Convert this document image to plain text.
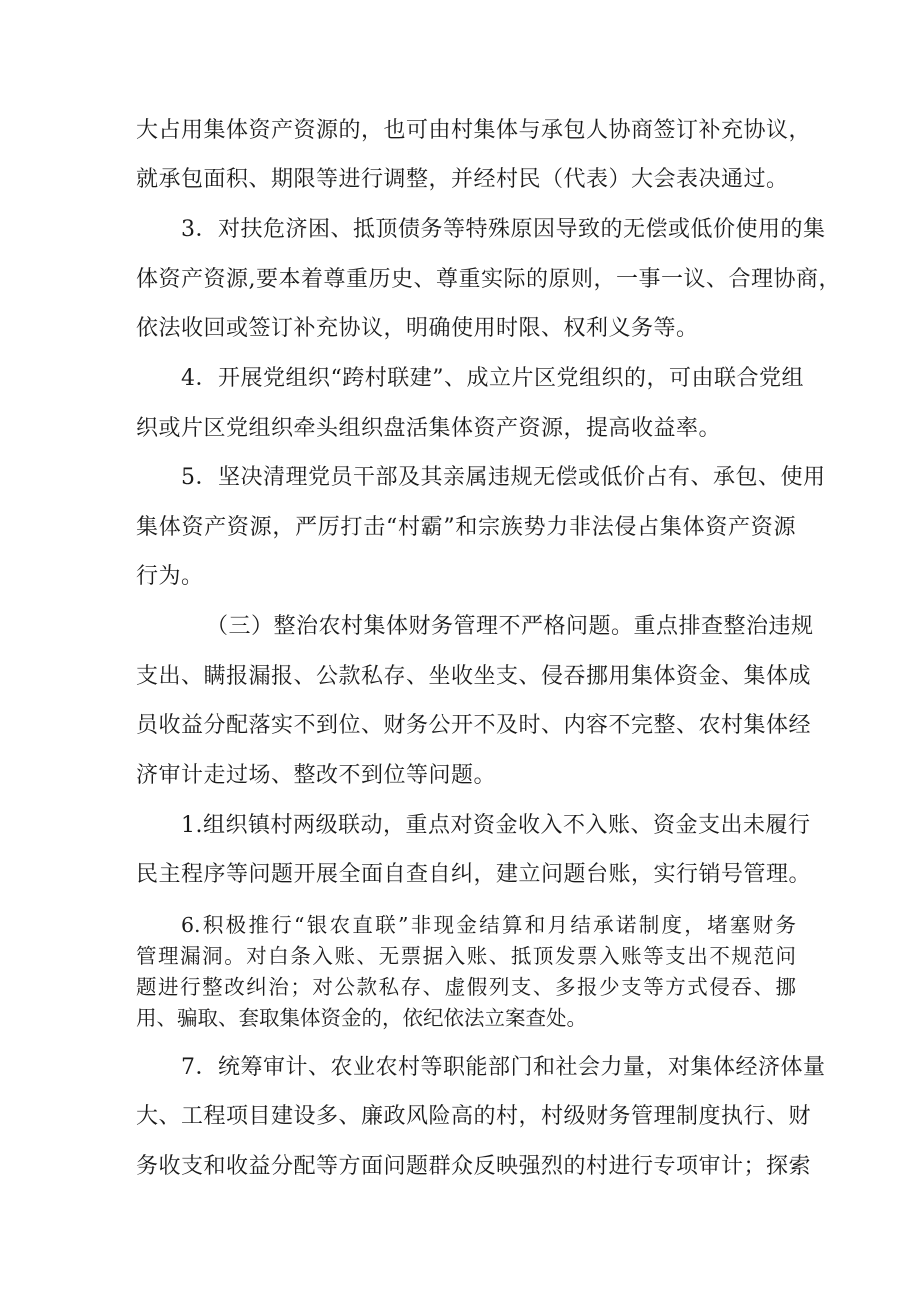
大占用集体资产资源的，也可由村集体与承包人协商签订补充协议，
就承包面积、期限等进行调整，并经村民（代表）大会表决通过。
3．对扶危济困、抵顶债务等特殊原因导致的无偿或低价使用的集
体资产资源,要本着尊重历史、尊重实际的原则，一事一议、合理协商，
依法收回或签订补充协议，明确使用时限、权利义务等。
4．开展党组织“跨村联建”、成立片区党组织的，可由联合党组
织或片区党组织牵头组织盘活集体资产资源，提高收益率。
5．坚决清理党员干部及其亲属违规无偿或低价占有、承包、使用
集体资产资源，严厉打击“村霸”和宗族势力非法侵占集体资产资源
行为。
（三）整治农村集体财务管理不严格问题。重点排查整治违规
支出、瞒报漏报、公款私存、坐收坐支、侵吞挪用集体资金、集体成
员收益分配落实不到位、财务公开不及时、内容不完整、农村集体经
济审计走过场、整改不到位等问题。
1.组织镇村两级联动，重点对资金收入不入账、资金支出未履行
民主程序等问题开展全面自查自纠，建立问题台账，实行销号管理。
6.积极推行“银农直联”非现金结算和月结承诺制度，堵塞财务
管理漏洞。对白条入账、无票据入账、抵顶发票入账等支出不规范问
题进行整改纠治；对公款私存、虚假列支、多报少支等方式侵吞、挪
用、骗取、套取集体资金的，依纪依法立案查处。
7．统筹审计、农业农村等职能部门和社会力量，对集体经济体量
大、工程项目建设多、廉政风险高的村，村级财务管理制度执行、财
务收支和收益分配等方面问题群众反映强烈的村进行专项审计；探索
